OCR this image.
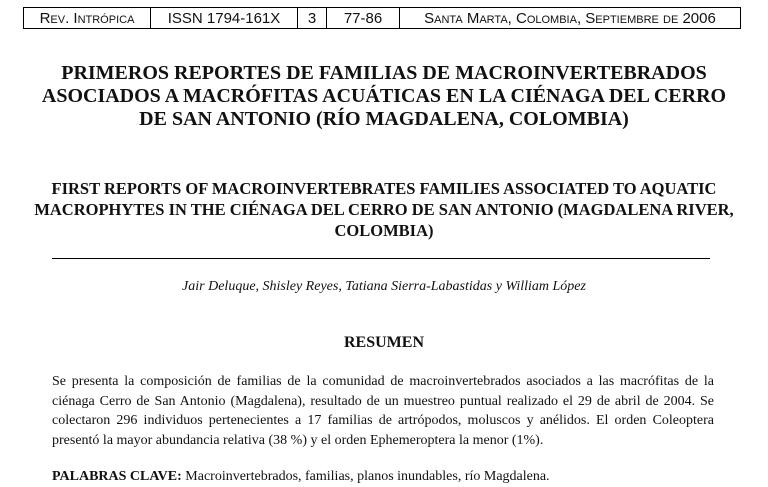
Rev. Intrópica	ISSN 1794-161X	3	77-86	Santa Marta, Colombia, Septiembre de 2006
PRIMEROS REPORTES DE FAMILIAS DE MACROINVERTEBRADOS ASOCIADOS A MACRÓFITAS ACUÁTICAS EN LA CIÉNAGA DEL CERRO DE SAN ANTONIO (RÍO MAGDALENA, COLOMBIA)
FIRST REPORTS OF MACROINVERTEBRATES FAMILIES ASSOCIATED TO AQUATIC MACROPHYTES IN THE CIÉNAGA DEL CERRO DE SAN ANTONIO (MAGDALENA RIVER, COLOMBIA)
Jair Deluque, Shisley Reyes, Tatiana Sierra-Labastidas y William López
RESUMEN

Se presenta la composición de familias de la comunidad de macroinvertebrados asociados a las macrófitas de la ciénaga Cerro de San Antonio (Magdalena), resultado de un muestreo puntual realizado el 29 de abril de 2004. Se colectaron 296 individuos pertenecientes a 17 familias de artrópodos, moluscos y anélidos. El orden Coleoptera presentó la mayor abundancia relativa (38 %) y el orden Ephemeroptera la menor (1%).

PALABRAS CLAVE: Macroinvertebrados, familias, planos inundables, río Magdalena.
